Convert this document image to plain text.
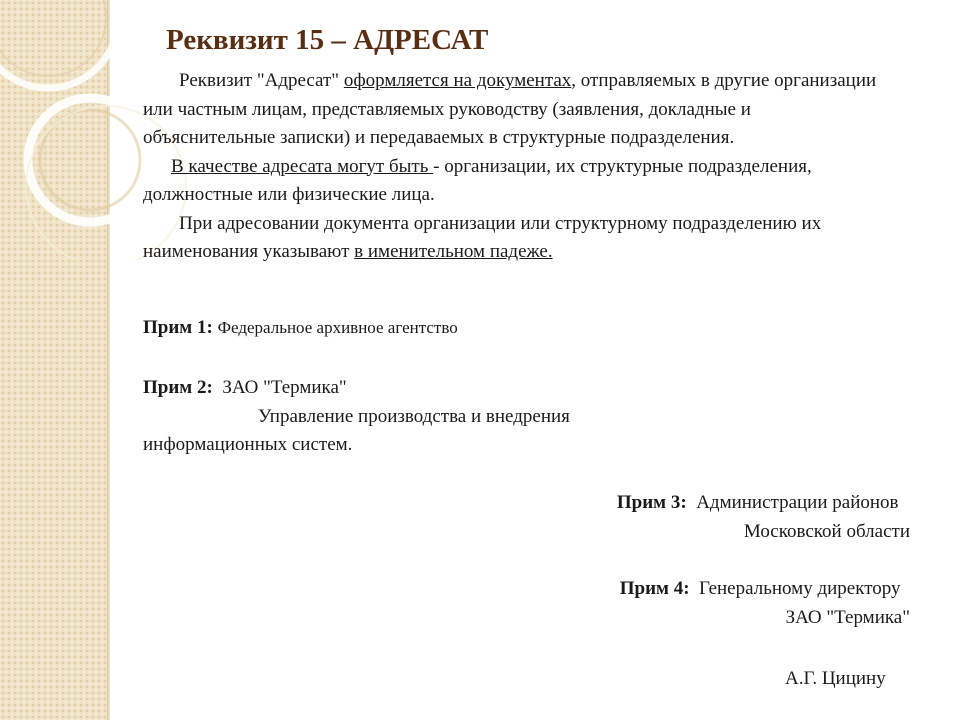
Реквизит 15 – АДРЕСАТ

Реквизит "Адресат" оформляется на документах, отправляемых в другие организации или частным лицам, представляемых руководству (заявления, докладные и объяснительные записки) и передаваемых в структурные подразделения.

В качестве адресата могут быть - организации, их структурные подразделения, должностные или физические лица.

При адресовании документа организации или структурному подразделению их наименования указывают в именительном падеже.

Прим 1: Федеральное архивное агентство
Прим 2: ЗАО "Термика"
Управление производства и внедрения
информационных систем.
Прим 3: Администрации районов
Московской области
Прим 4: Генеральному директору
ЗАО "Термика"
А.Г. Цицину
